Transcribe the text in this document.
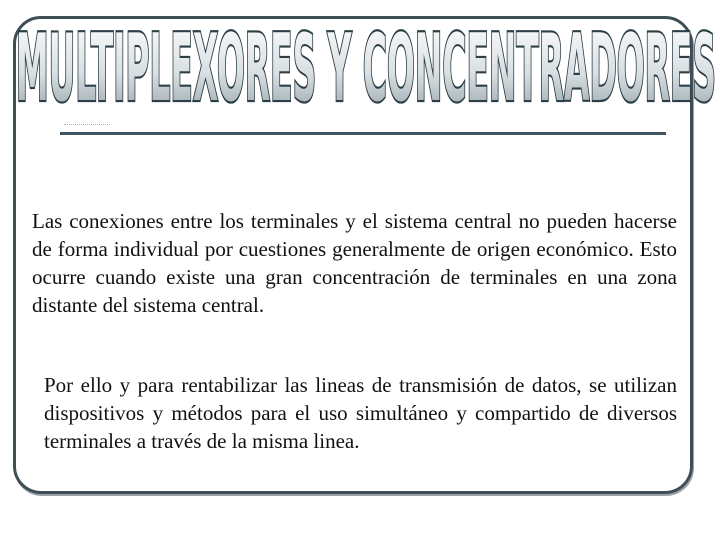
MULTIPLEXORES Y CONCENTRADORES

Las conexiones entre los terminales y el sistema central no pueden hacerse de forma individual por cuestiones generalmente de origen económico. Esto ocurre cuando existe una gran concentración de terminales en una zona distante del sistema central.

Por ello y para rentabilizar las lineas de transmisión de datos, se utilizan dispositivos y métodos para el uso simultáneo y compartido de diversos terminales a través de la misma linea.
